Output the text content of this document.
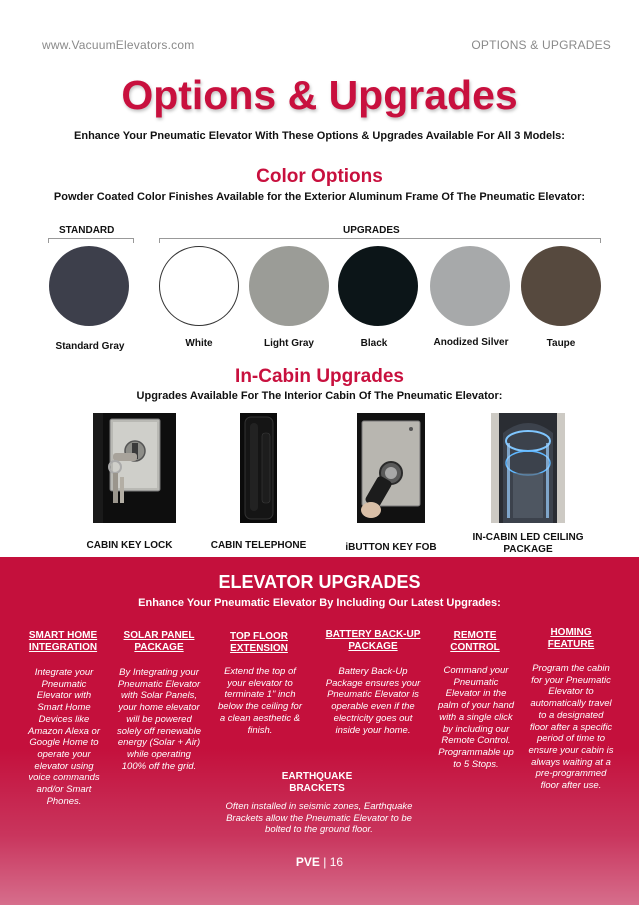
www.VacuumElevators.com	OPTIONS & UPGRADES
Options & Upgrades
Enhance Your Pneumatic Elevator With These Options & Upgrades Available For All 3 Models:
Color Options
Powder Coated Color Finishes Available for the Exterior Aluminum Frame Of The Pneumatic Elevator:
STANDARD	UPGRADES
Standard Gray	White	Light Gray	Black	Anodized Silver	Taupe
In-Cabin Upgrades
Upgrades Available For The Interior Cabin Of The Pneumatic Elevator:
CABIN KEY LOCK	CABIN TELEPHONE	iBUTTON KEY FOB
IN-CABIN LED CEILING PACKAGE
ELEVATOR UPGRADES
Enhance Your Pneumatic Elevator By Including Our Latest Upgrades:
SMART HOME INTEGRATION
Integrate your Pneumatic Elevator with Smart Home Devices like Amazon Alexa or Google Home to operate your elevator using voice commands and/or Smart Phones.
SOLAR PANEL PACKAGE
By Integrating your Pneumatic Elevator with Solar Panels, your home elevator will be powered solely off renewable energy (Solar + Air) while operating 100% off the grid.
TOP FLOOR EXTENSION
Extend the top of your elevator to terminate 1" inch below the ceiling for a clean aesthetic & finish.
BATTERY BACK-UP PACKAGE
Battery Back-Up Package ensures your Pneumatic Elevator is operable even if the electricity goes out inside your home.
REMOTE CONTROL
Command your Pneumatic Elevator in the palm of your hand with a single click by including our Remote Control. Programmable up to 5 Stops.
HOMING FEATURE
Program the cabin for your Pneumatic Elevator to automatically travel to a designated floor after a specific period of time to ensure your cabin is always waiting at a pre-programmed floor after use.
EARTHQUAKE BRACKETS
Often installed in seismic zones, Earthquake Brackets allow the Pneumatic Elevator to be bolted to the ground floor.
PVE | 16
